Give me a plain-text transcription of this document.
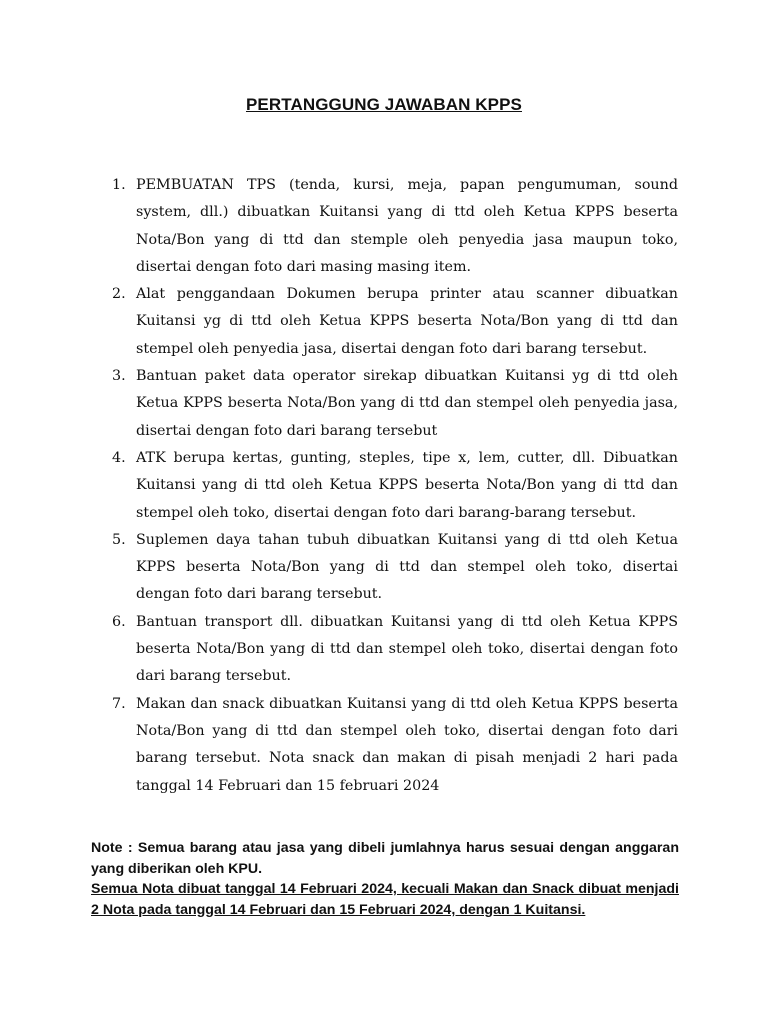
PERTANGGUNG JAWABAN KPPS
1. PEMBUATAN TPS (tenda, kursi, meja, papan pengumuman, sound system, dll.) dibuatkan Kuitansi yang di ttd oleh Ketua KPPS beserta Nota/Bon yang di ttd dan stemple oleh penyedia jasa maupun toko, disertai dengan foto dari masing masing item.
2. Alat penggandaan Dokumen berupa printer atau scanner dibuatkan Kuitansi yg di ttd oleh Ketua KPPS beserta Nota/Bon yang di ttd dan stempel oleh penyedia jasa, disertai dengan foto dari barang tersebut.
3. Bantuan paket data operator sirekap dibuatkan Kuitansi yg di ttd oleh Ketua KPPS beserta Nota/Bon yang di ttd dan stempel oleh penyedia jasa, disertai dengan foto dari barang tersebut
4. ATK berupa kertas, gunting, steples, tipe x, lem, cutter, dll. Dibuatkan Kuitansi yang di ttd oleh Ketua KPPS beserta Nota/Bon yang di ttd dan stempel oleh toko, disertai dengan foto dari barang-barang tersebut.
5. Suplemen daya tahan tubuh dibuatkan Kuitansi yang di ttd oleh Ketua KPPS beserta Nota/Bon yang di ttd dan stempel oleh toko, disertai dengan foto dari barang tersebut.
6. Bantuan transport dll. dibuatkan Kuitansi yang di ttd oleh Ketua KPPS beserta Nota/Bon yang di ttd dan stempel oleh toko, disertai dengan foto dari barang tersebut.
7. Makan dan snack dibuatkan Kuitansi yang di ttd oleh Ketua KPPS beserta Nota/Bon yang di ttd dan stempel oleh toko, disertai dengan foto dari barang tersebut. Nota snack dan makan di pisah menjadi 2 hari pada tanggal 14 Februari dan 15 februari 2024

Note : Semua barang atau jasa yang dibeli jumlahnya harus sesuai dengan anggaran yang diberikan oleh KPU.

Semua Nota dibuat tanggal 14 Februari 2024, kecuali Makan dan Snack dibuat menjadi 2 Nota pada tanggal 14 Februari dan 15 Februari 2024, dengan 1 Kuitansi.
